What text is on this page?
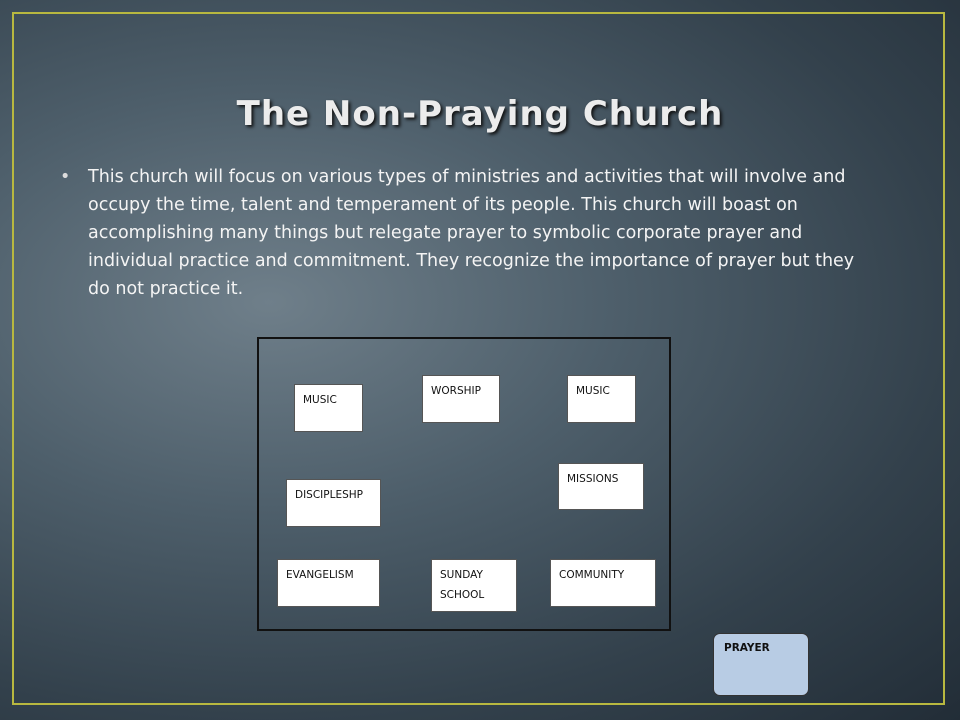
The Non-Praying Church
•	This church will focus on various types of ministries and activities that will involve and occupy the time, talent and temperament of its people. This church will boast on accomplishing many things but relegate prayer to symbolic corporate prayer and individual practice and commitment. They recognize the importance of prayer but they do not practice it.
MUSIC
WORSHIP	MUSIC
MISSIONS
DISCIPLESHP
EVANGELISM	SUNDAY
SCHOOL
COMMUNITY
PRAYER
